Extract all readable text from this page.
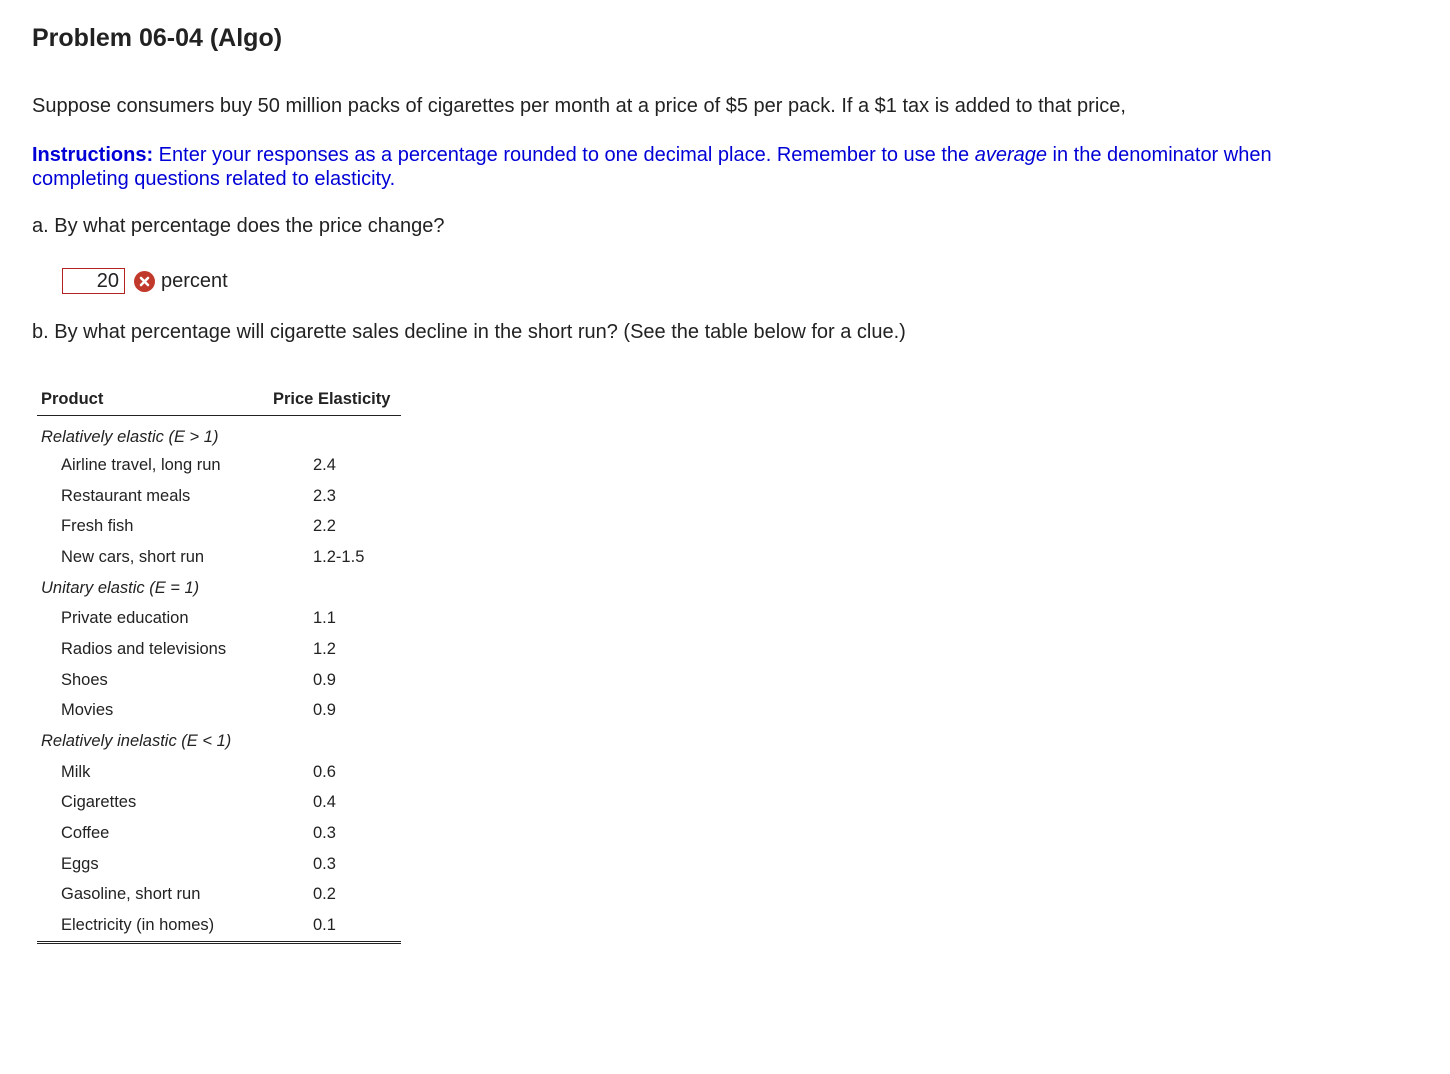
Problem 06-04 (Algo)
Suppose consumers buy 50 million packs of cigarettes per month at a price of $5 per pack. If a $1 tax is added to that price,
Instructions: Enter your responses as a percentage rounded to one decimal place. Remember to use the average in the denominator when completing questions related to elasticity.
a. By what percentage does the price change?
20
percent
b. By what percentage will cigarette sales decline in the short run? (See the table below for a clue.)
Product	Price Elasticity
Relatively elastic (E > 1)	
Airline travel, long run	2.4
Restaurant meals	2.3
Fresh fish	2.2
New cars, short run	1.2-1.5
Unitary elastic (E = 1)	
Private education	1.1
Radios and televisions	1.2
Shoes	0.9
Movies	0.9
Relatively inelastic (E < 1)	
Milk	0.6
Cigarettes	0.4
Coffee	0.3
Eggs	0.3
Gasoline, short run	0.2
Electricity (in homes)	0.1
